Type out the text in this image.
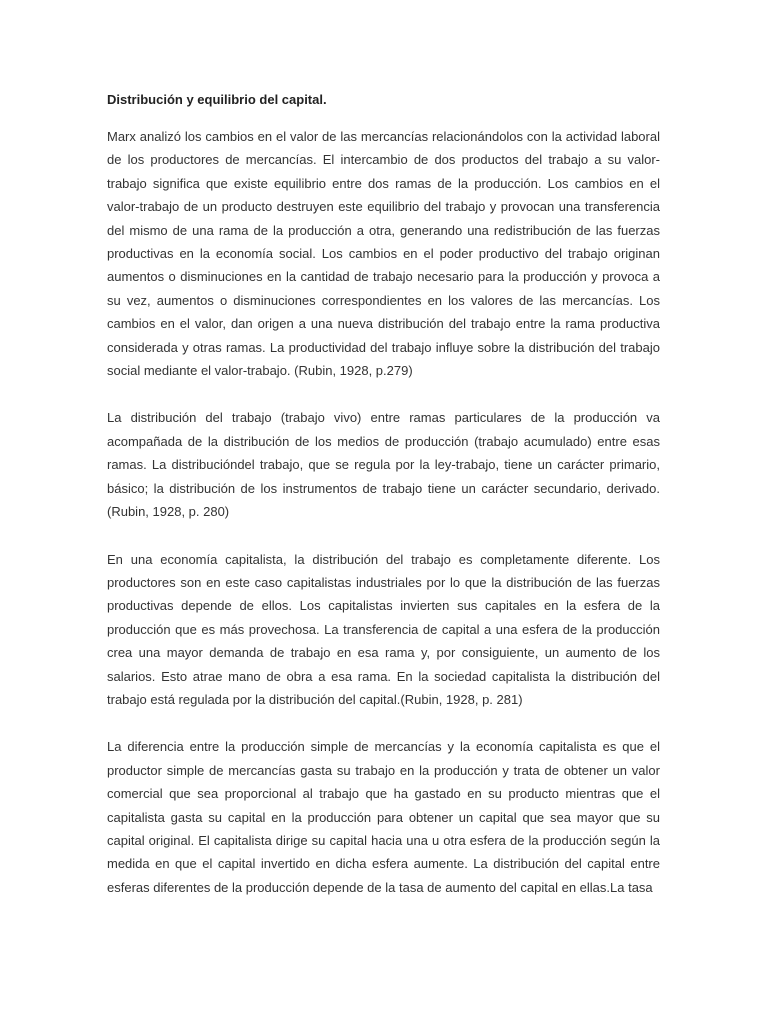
Distribución y equilibrio del capital.

Marx analizó los cambios en el valor de las mercancías relacionándolos con la actividad laboral de los productores de mercancías. El intercambio de dos productos del trabajo a su valor-trabajo significa que existe equilibrio entre dos ramas de la producción. Los cambios en el valor-trabajo de un producto destruyen este equilibrio del trabajo y provocan una transferencia del mismo de una rama de la producción a otra, generando una redistribución de las fuerzas productivas en la economía social. Los cambios en el poder productivo del trabajo originan aumentos o disminuciones en la cantidad de trabajo necesario para la producción y provoca a su vez, aumentos o disminuciones correspondientes en los valores de las mercancías. Los cambios en el valor, dan origen a una nueva distribución del trabajo entre la rama productiva considerada y otras ramas. La productividad del trabajo influye sobre la distribución del trabajo social mediante el valor-trabajo. (Rubin, 1928, p.279)

La distribución del trabajo (trabajo vivo) entre ramas particulares de la producción va acompañada de la distribución de los medios de producción (trabajo acumulado) entre esas ramas. La distribucióndel trabajo, que se regula por la ley-trabajo, tiene un carácter primario, básico; la distribución de los instrumentos de trabajo tiene un carácter secundario, derivado. (Rubin, 1928, p. 280)

En una economía capitalista, la distribución del trabajo es completamente diferente. Los productores son en este caso capitalistas industriales por lo que la distribución de las fuerzas productivas depende de ellos. Los capitalistas invierten sus capitales en la esfera de la producción que es más provechosa. La transferencia de capital a una esfera de la producción crea una mayor demanda de trabajo en esa rama y, por consiguiente, un aumento de los salarios. Esto atrae mano de obra a esa rama. En la sociedad capitalista la distribución del trabajo está regulada por la distribución del capital.(Rubin, 1928, p. 281)

La diferencia entre la producción simple de mercancías y la economía capitalista es que el productor simple de mercancías gasta su trabajo en la producción y trata de obtener un valor comercial que sea proporcional al trabajo que ha gastado en su producto mientras que el capitalista gasta su capital en la producción para obtener un capital que sea mayor que su capital original. El capitalista dirige su capital hacia una u otra esfera de la producción según la medida en que el capital invertido en dicha esfera aumente. La distribución del capital entre esferas diferentes de la producción depende de la tasa de aumento del capital en ellas.La tasa
